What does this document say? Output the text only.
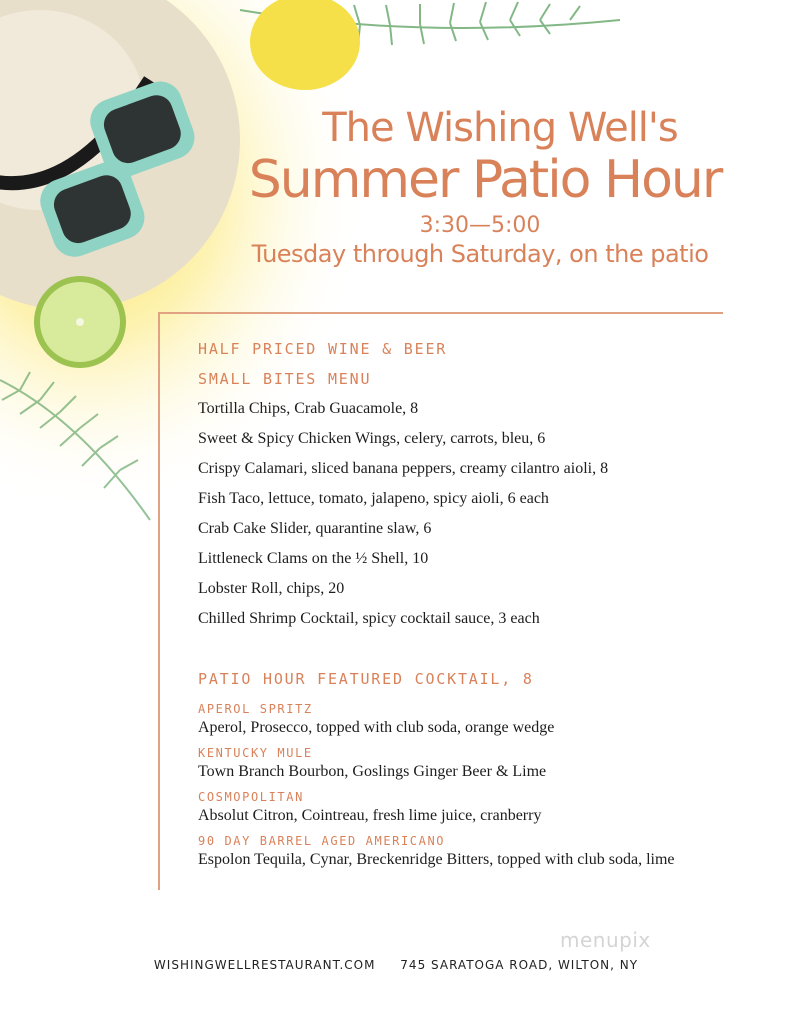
The Wishing Well's
Summer Patio Hour
3:30—5:00
Tuesday through Saturday, on the patio
HALF PRICED WINE & BEER
SMALL BITES MENU
Tortilla Chips, Crab Guacamole, 8
Sweet & Spicy Chicken Wings, celery, carrots, bleu, 6
Crispy Calamari, sliced banana peppers, creamy cilantro aioli, 8
Fish Taco, lettuce, tomato, jalapeno, spicy aioli, 6 each
Crab Cake Slider, quarantine slaw, 6
Littleneck Clams on the ½ Shell, 10
Lobster Roll, chips, 20
Chilled Shrimp Cocktail, spicy cocktail sauce, 3 each
PATIO HOUR FEATURED COCKTAIL, 8
APEROL SPRITZ
Aperol, Prosecco, topped with club soda, orange wedge
KENTUCKY MULE
Town Branch Bourbon, Goslings Ginger Beer & Lime
COSMOPOLITAN
Absolut Citron, Cointreau, fresh lime juice, cranberry
90 DAY BARREL AGED AMERICANO
Espolon Tequila, Cynar, Breckenridge Bitters, topped with club soda, lime
menupix
WISHINGWELLRESTAURANT.COM 745 SARATOGA ROAD, WILTON, NY
